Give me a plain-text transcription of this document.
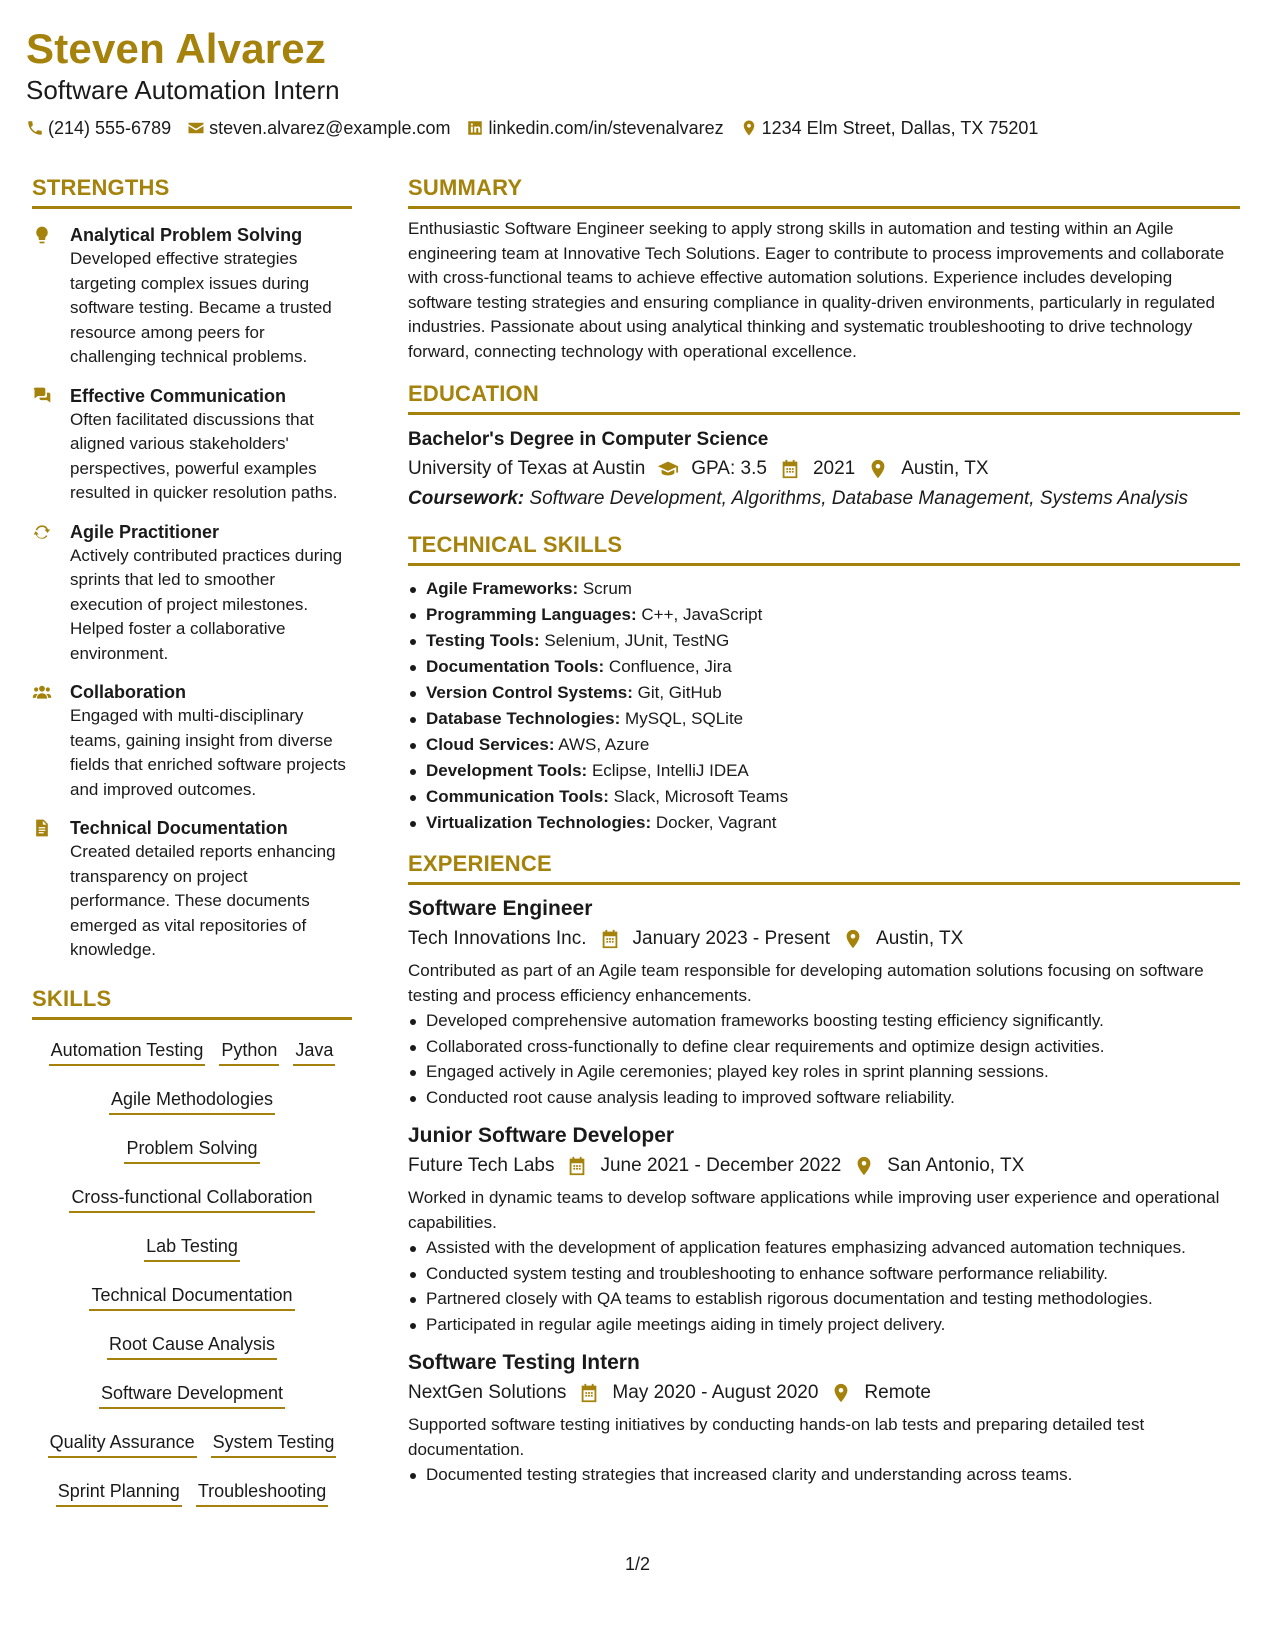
Steven Alvarez
Software Automation Intern
(214) 555-6789 steven.alvarez@example.com linkedin.com/in/stevenalvarez 1234 Elm Street, Dallas, TX 75201
STRENGTHS
Analytical Problem Solving
Developed effective strategies targeting complex issues during software testing. Became a trusted resource among peers for challenging technical problems.
Effective Communication
Often facilitated discussions that aligned various stakeholders' perspectives, powerful examples resulted in quicker resolution paths.
Agile Practitioner
Actively contributed practices during sprints that led to smoother execution of project milestones. Helped foster a collaborative environment.
Collaboration
Engaged with multi-disciplinary teams, gaining insight from diverse fields that enriched software projects and improved outcomes.
Technical Documentation
Created detailed reports enhancing transparency on project performance. These documents emerged as vital repositories of knowledge.
SKILLS
Automation Testing Python Java
Agile Methodologies
Problem Solving
Cross-functional Collaboration
Lab Testing
Technical Documentation
Root Cause Analysis
Software Development
Quality Assurance System Testing
Sprint Planning Troubleshooting
SUMMARY
Enthusiastic Software Engineer seeking to apply strong skills in automation and testing within an Agile engineering team at Innovative Tech Solutions. Eager to contribute to process improvements and collaborate with cross-functional teams to achieve effective automation solutions. Experience includes developing software testing strategies and ensuring compliance in quality-driven environments, particularly in regulated industries. Passionate about using analytical thinking and systematic troubleshooting to drive technology forward, connecting technology with operational excellence.
EDUCATION
Bachelor's Degree in Computer Science
University of Texas at Austin GPA: 3.5 2021 Austin, TX
Coursework: Software Development, Algorithms, Database Management, Systems Analysis
TECHNICAL SKILLS
Agile Frameworks: Scrum
Programming Languages: C++, JavaScript
Testing Tools: Selenium, JUnit, TestNG
Documentation Tools: Confluence, Jira
Version Control Systems: Git, GitHub
Database Technologies: MySQL, SQLite
Cloud Services: AWS, Azure
Development Tools: Eclipse, IntelliJ IDEA
Communication Tools: Slack, Microsoft Teams
Virtualization Technologies: Docker, Vagrant
EXPERIENCE
Software Engineer
Tech Innovations Inc. January 2023 - Present Austin, TX
Contributed as part of an Agile team responsible for developing automation solutions focusing on software testing and process efficiency enhancements.
Developed comprehensive automation frameworks boosting testing efficiency significantly.
Collaborated cross-functionally to define clear requirements and optimize design activities.
Engaged actively in Agile ceremonies; played key roles in sprint planning sessions.
Conducted root cause analysis leading to improved software reliability.
Junior Software Developer
Future Tech Labs June 2021 - December 2022 San Antonio, TX
Worked in dynamic teams to develop software applications while improving user experience and operational capabilities.
Assisted with the development of application features emphasizing advanced automation techniques.
Conducted system testing and troubleshooting to enhance software performance reliability.
Partnered closely with QA teams to establish rigorous documentation and testing methodologies.
Participated in regular agile meetings aiding in timely project delivery.
Software Testing Intern
NextGen Solutions May 2020 - August 2020 Remote
Supported software testing initiatives by conducting hands-on lab tests and preparing detailed test documentation.
Documented testing strategies that increased clarity and understanding across teams.
1/2
